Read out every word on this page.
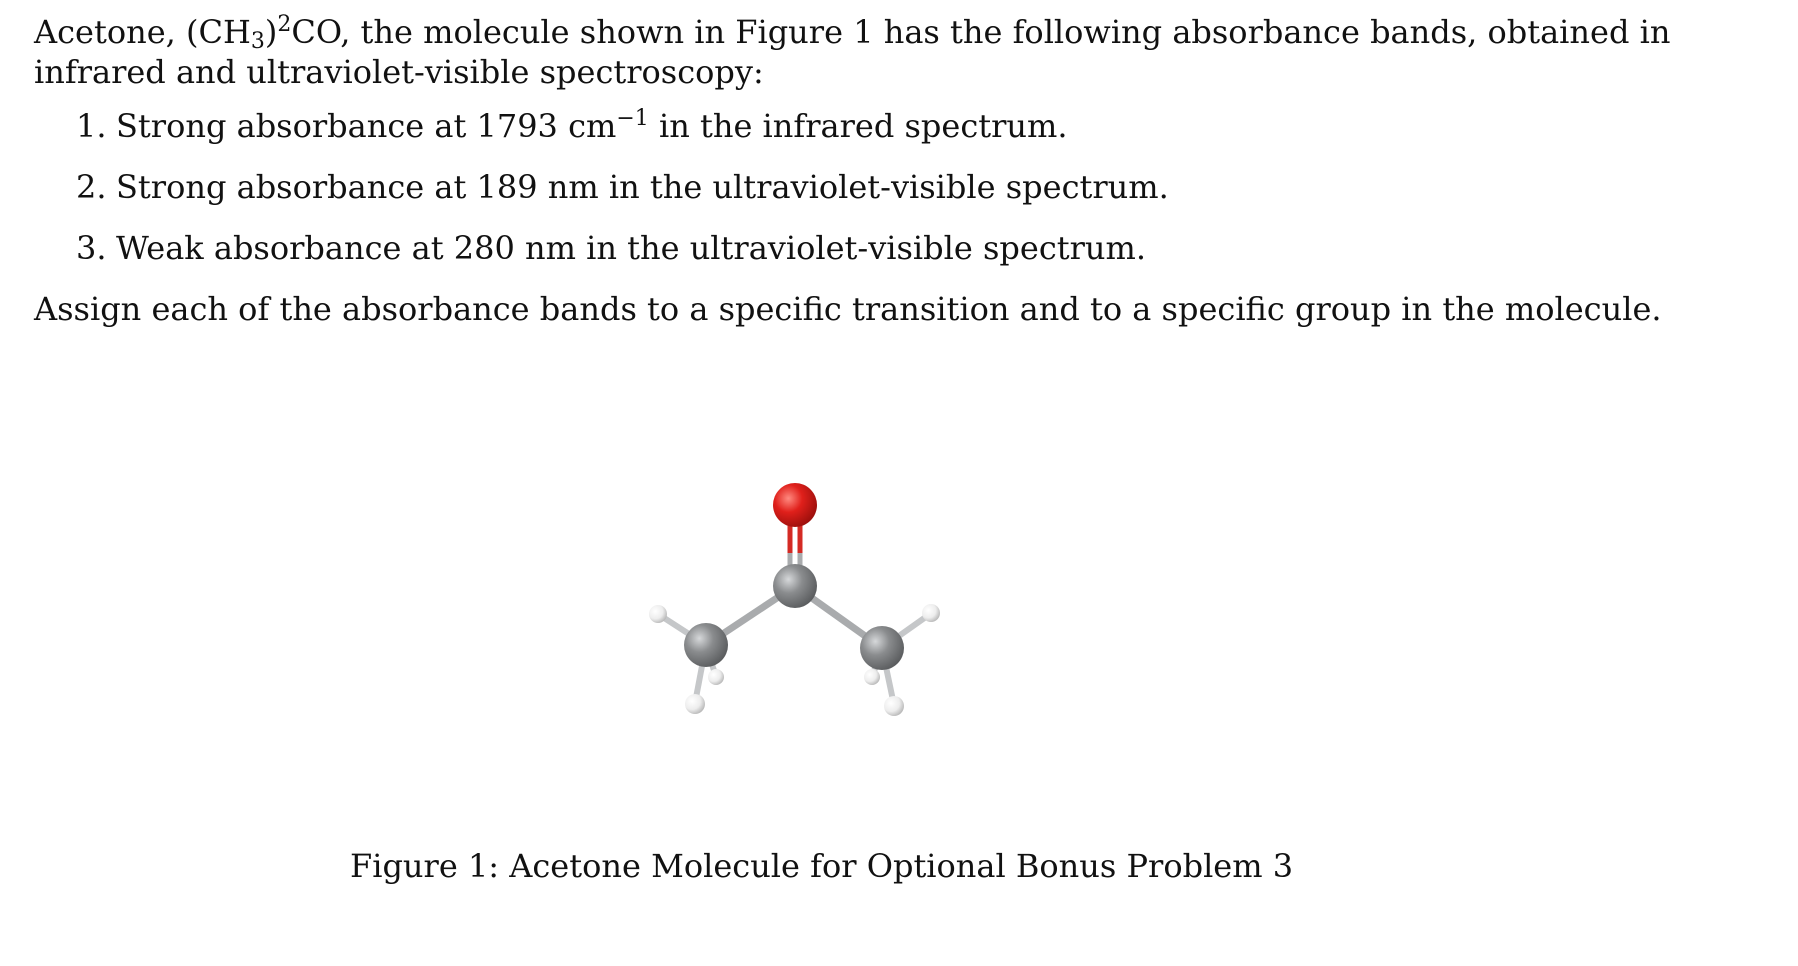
Acetone, $(CH_3)^2CO$, the molecule shown in Figure 1 has the following absorbance bands, obtained in
infrared and ultraviolet-visible spectroscopy:

1. Strong absorbance at 1793 $cm^{-1}$ in the infrared spectrum.
2. Strong absorbance at 189 nm in the ultraviolet-visible spectrum.
3. Weak absorbance at 280 nm in the ultraviolet-visible spectrum.

Assign each of the absorbance bands to a specific transition and to a specific group in the molecule.

Figure 1: Acetone Molecule for Optional Bonus Problem 3
